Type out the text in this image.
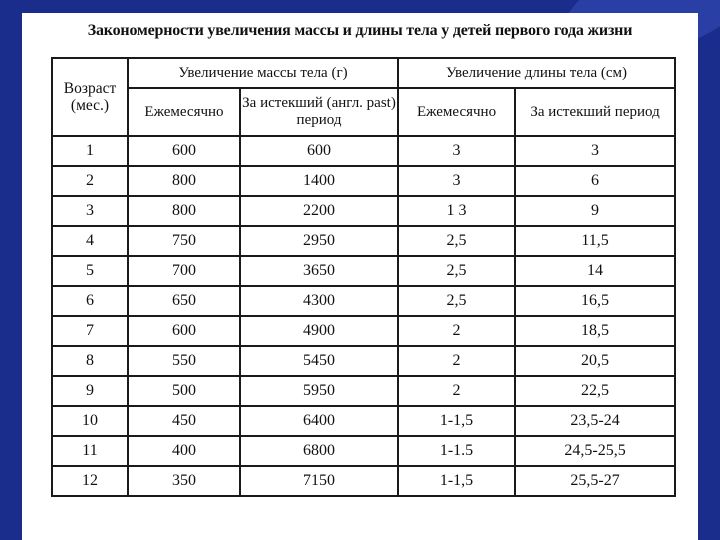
Закономерности увеличения массы и длины тела у детей первого года жизни
Возраст (мес.)	Увеличение массы тела (г)		Увеличение длины тела (см)	
	Ежемесячно	За истекший (англ. past) период	Ежемесячно	За истекший период
1	600	600	3	3
2	800	1400	3	6
3	800	2200	1 3	9
4	750	2950	2,5	11,5
5	700	3650	2,5	14
6	650	4300	2,5	16,5
7	600	4900	2	18,5
8	550	5450	2	20,5
9	500	5950	2	22,5
10	450	6400	1-1,5	23,5-24
11	400	6800	1-1.5	24,5-25,5
12	350	7150	1-1,5	25,5-27
